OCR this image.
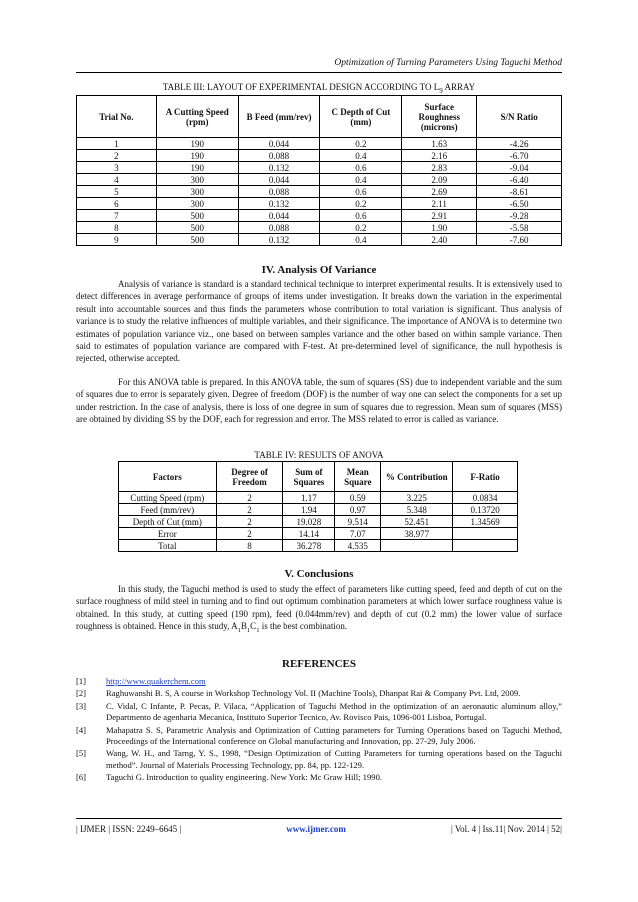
Optimization of Turning Parameters Using Taguchi Method
TABLE III: LAYOUT OF EXPERIMENTAL DESIGN ACCORDING TO $L_9$ ARRAY
Trial No.	A Cutting Speed (rpm)	B Feed (mm/rev)	C Depth of Cut (mm)	Surface Roughness (microns)	S/N Ratio
1	190	0.044	0.2	1.63	-4.26
2	190	0.088	0.4	2.16	-6.70
3	190	0.132	0.6	2.83	-9.04
4	300	0.044	0.4	2.09	-6.40
5	300	0.088	0.6	2.69	-8.61
6	300	0.132	0.2	2.11	-6.50
7	500	0.044	0.6	2.91	-9.28
8	500	0.088	0.2	1.90	-5.58
9	500	0.132	0.4	2.40	-7.60
IV. Analysis Of Variance

Analysis of variance is standard is a standard technical technique to interpret experimental results. It is extensively used to detect differences in average performance of groups of items under investigation. It breaks down the variation in the experimental result into accountable sources and thus finds the parameters whose contribution to total variation is significant. Thus analysis of variance is to study the relative influences of multiple variables, and their significance. The importance of ANOVA is to determine two estimates of population variance viz., one based on between samples variance and the other based on within sample variance. Then said to estimates of population variance are compared with F-test. At pre-determined level of significance, the null hypothesis is rejected, otherwise accepted.

For this ANOVA table is prepared. In this ANOVA table, the sum of squares (SS) due to independent variable and the sum of squares due to error is separately given. Degree of freedom (DOF) is the number of way one can select the components for a set up under restriction. In the case of analysis, there is loss of one degree in sum of squares due to regression. Mean sum of squares (MSS) are obtained by dividing SS by the DOF, each for regression and error. The MSS related to error is called as variance.

TABLE IV: RESULTS OF ANOVA
Factors	Degree of Freedom	Sum of Squares	Mean Square	% Contribution	F-Ratio
Cutting Speed (rpm)	2	1.17	0.59	3.225	0.0834
Feed (mm/rev)	2	1.94	0.97	5.348	0.13720
Depth of Cut (mm)	2	19.028	9.514	52.451	1.34569
Error	2	14.14	7.07	38.977	
Total	8	36.278	4.535		
V. Conclusions

In this study, the Taguchi method is used to study the effect of parameters like cutting speed, feed and depth of cut on the surface roughness of mild steel in turning and to find out optimum combination parameters at which lower surface roughness value is obtained. In this study, at cutting speed (190 rpm), feed (0.044mm/rev) and depth of cut (0.2 mm) the lower value of surface roughness is obtained. Hence in this study, $A_1B_1C_1$ is the best combination.

REFERENCES
[1]	http://www.quakerchem.com
[2]	Raghuwanshi B. S, A course in Workshop Technology Vol. II (Machine Tools), Dhanpat Rai & Company Pvt. Ltd, 2009.
[3]	C. Vidal, C Infante, P. Pecas, P. Vilaca, “Application of Taguchi Method in the optimization of an aeronautic aluminum alloy,” Departmento de agenharia Mecanica, Instituto Superior Tecnico, Av. Rovisco Pais, 1096-001 Lisboa, Portugal.
[4]	Mahapatra S. S, Parametric Analysis and Optimization of Cutting parameters for Turning Operations based on Taguchi Method, Proceedings of the International conference on Global manufacturing and Innovation, pp. 27-29, July 2006.
[5]	Wang, W. H., and Tarng, Y. S., 1998, “Design Optimization of Cutting Parameters for turning operations based on the Taguchi method”. Journal of Materials Processing Technology, pp. 84, pp. 122-129.
[6]	Taguchi G. Introduction to quality engineering. New York: Mc Graw Hill; 1990.
| IJMER | ISSN: 2249–6645 |	www.ijmer.com	| Vol. 4 | Iss.11| Nov. 2014 | 52|
